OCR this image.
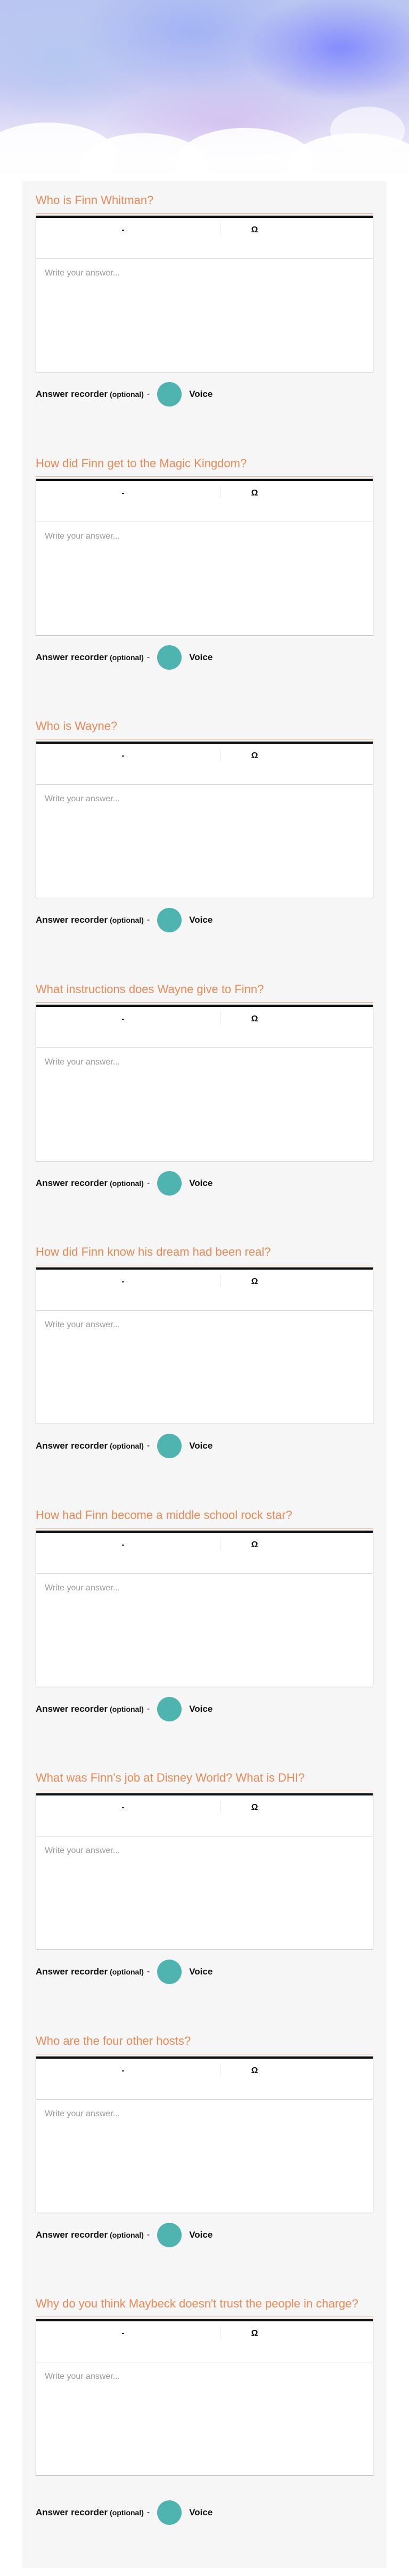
Who is Finn Whitman?
-	Ω
Write your answer...
Answer recorder (optional) -	Voice
How did Finn get to the Magic Kingdom?
-	Ω
Write your answer...
Answer recorder (optional) -	Voice
Who is Wayne?
-	Ω
Write your answer...
Answer recorder (optional) -	Voice
What instructions does Wayne give to Finn?
-	Ω
Write your answer...
Answer recorder (optional) -	Voice
How did Finn know his dream had been real?
-	Ω
Write your answer...
Answer recorder (optional) -	Voice
How had Finn become a middle school rock star?
-	Ω
Write your answer...
Answer recorder (optional) -	Voice
What was Finn's job at Disney World? What is DHI?
-	Ω
Write your answer...
Answer recorder (optional) -	Voice
Who are the four other hosts?
-	Ω
Write your answer...
Answer recorder (optional) -	Voice
Why do you think Maybeck doesn't trust the people in charge?
-	Ω
Write your answer...
Answer recorder (optional) -	Voice
